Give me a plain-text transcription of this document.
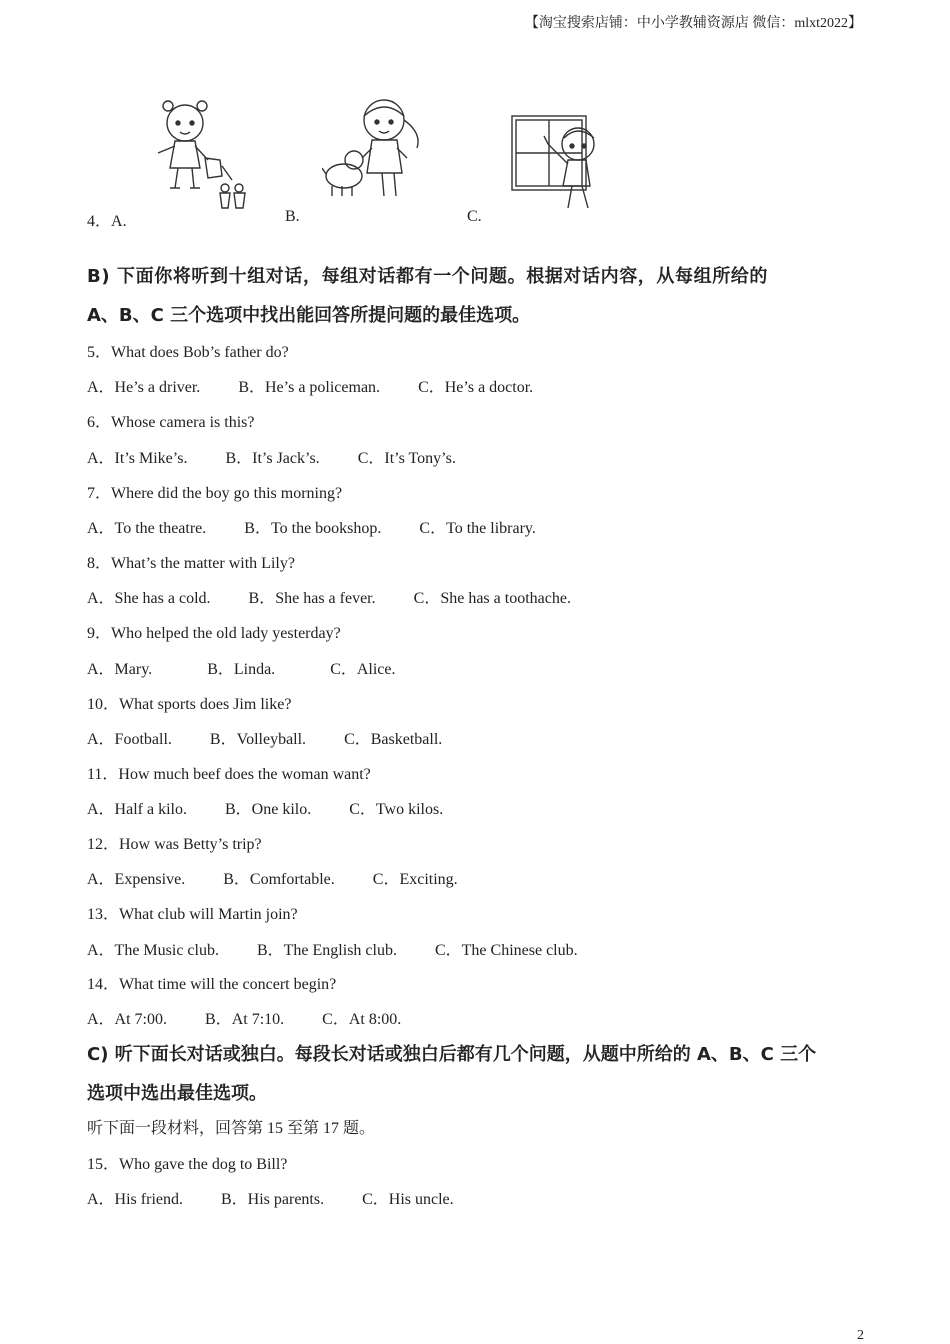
【淘宝搜索店铺：中小学教辅资源店 微信：mlxt2022】
4．A.	B.	C.
B) 下面你将听到十组对话，每组对话都有一个问题。根据对话内容，从每组所给的
A、B、C 三个选项中找出能回答所提问题的最佳选项。
5．What does Bob’s father do?
A．He’s a driver. B．He’s a policeman. C．He’s a doctor.
6．Whose camera is this?
A．It’s Mike’s. B．It’s Jack’s. C．It’s Tony’s.
7．Where did the boy go this morning?
A．To the theatre. B．To the bookshop. C．To the library.
8．What’s the matter with Lily?
A．She has a cold. B．She has a fever. C．She has a toothache.
9．Who helped the old lady yesterday?
A．Mary.	B．Linda.	C．Alice.
10．What sports does Jim like?
A．Football. B．Volleyball. C．Basketball.
11．How much beef does the woman want?
A．Half a kilo. B．One kilo. C．Two kilos.
12．How was Betty’s trip?
A．Expensive. B．Comfortable. C．Exciting.
13．What club will Martin join?
A．The Music club. B．The English club. C．The Chinese club.
14．What time will the concert begin?
A．At 7:00. B．At 7:10. C．At 8:00.
C) 听下面长对话或独白。每段长对话或独白后都有几个问题，从题中所给的 A、B、C 三个
选项中选出最佳选项。
听下面一段材料，回答第 15 至第 17 题。
15．Who gave the dog to Bill?
A．His friend. B．His parents. C．His uncle.
2
